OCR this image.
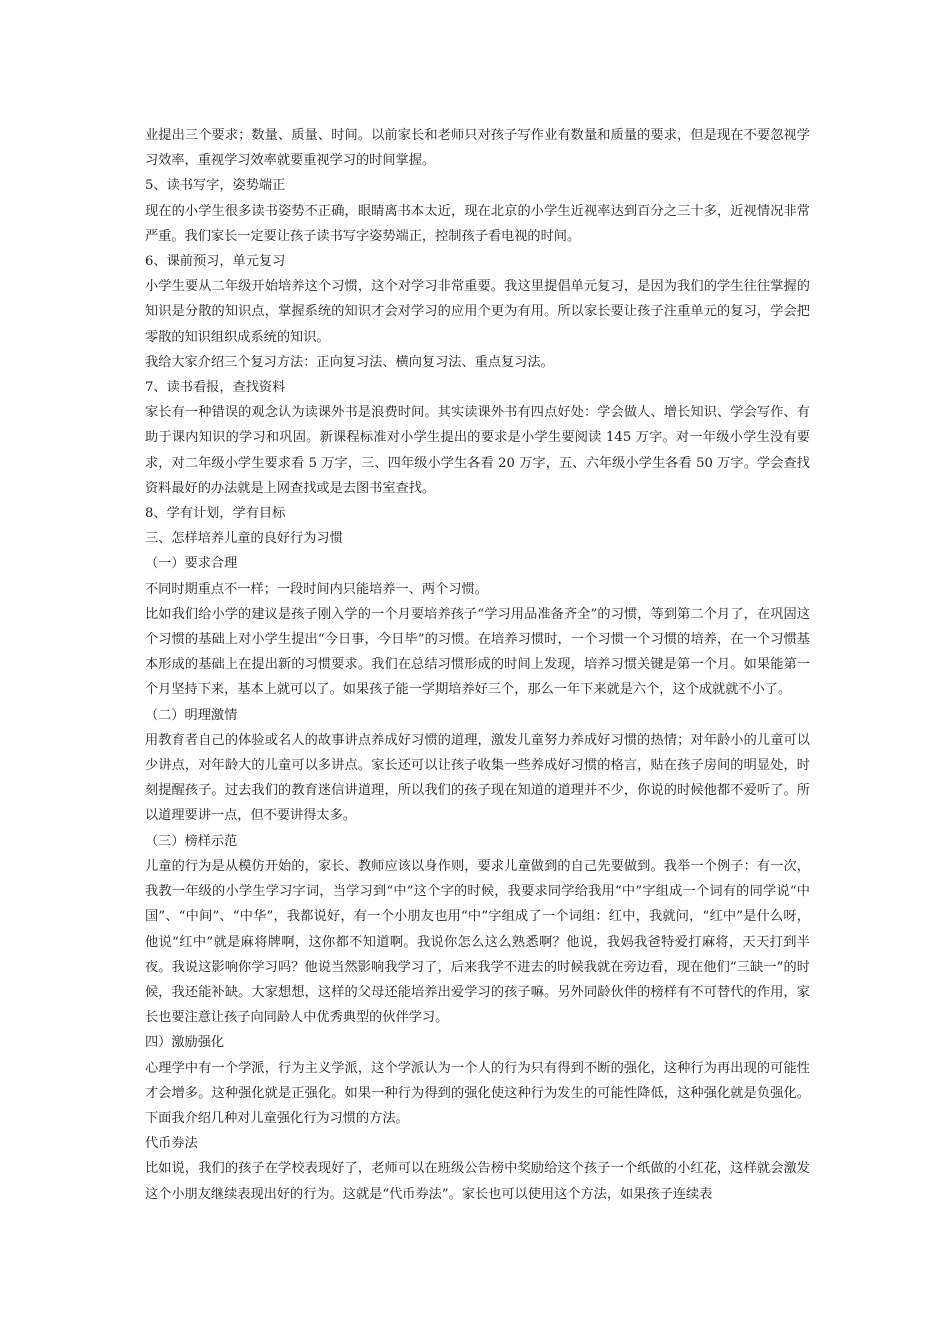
业提出三个要求；数量、质量、时间。以前家长和老师只对孩子写作业有数量和质量的要求，但是现在不要忽视学习效率，重视学习效率就要重视学习的时间掌握。

5、读书写字，姿势端正

现在的小学生很多读书姿势不正确，眼睛离书本太近，现在北京的小学生近视率达到百分之三十多，近视情况非常严重。我们家长一定要让孩子读书写字姿势端正，控制孩子看电视的时间。

6、课前预习，单元复习

小学生要从二年级开始培养这个习惯，这个对学习非常重要。我这里提倡单元复习，是因为我们的学生往往掌握的知识是分散的知识点，掌握系统的知识才会对学习的应用个更为有用。所以家长要让孩子注重单元的复习，学会把零散的知识组织成系统的知识。

我给大家介绍三个复习方法：正向复习法、横向复习法、重点复习法。

7、读书看报，查找资料

家长有一种错误的观念认为读课外书是浪费时间。其实读课外书有四点好处：学会做人、增长知识、学会写作、有助于课内知识的学习和巩固。新课程标准对小学生提出的要求是小学生要阅读 145 万字。对一年级小学生没有要求，对二年级小学生要求看 5 万字，三、四年级小学生各看 20 万字，五、六年级小学生各看 50 万字。学会查找资料最好的办法就是上网查找或是去图书室查找。

8、学有计划，学有目标

三、怎样培养儿童的良好行为习惯

（一）要求合理

不同时期重点不一样；一段时间内只能培养一、两个习惯。

比如我们给小学的建议是孩子刚入学的一个月要培养孩子“学习用品准备齐全”的习惯，等到第二个月了，在巩固这个习惯的基础上对小学生提出“今日事，今日毕”的习惯。在培养习惯时，一个习惯一个习惯的培养，在一个习惯基本形成的基础上在提出新的习惯要求。我们在总结习惯形成的时间上发现，培养习惯关键是第一个月。如果能第一个月坚持下来，基本上就可以了。如果孩子能一学期培养好三个，那么一年下来就是六个，这个成就就不小了。

（二）明理激情

用教育者自己的体验或名人的故事讲点养成好习惯的道理，激发儿童努力养成好习惯的热情；对年龄小的儿童可以少讲点，对年龄大的儿童可以多讲点。家长还可以让孩子收集一些养成好习惯的格言，贴在孩子房间的明显处，时刻提醒孩子。过去我们的教育迷信讲道理，所以我们的孩子现在知道的道理并不少，你说的时候他都不爱听了。所以道理要讲一点，但不要讲得太多。

（三）榜样示范

儿童的行为是从模仿开始的，家长、教师应该以身作则，要求儿童做到的自己先要做到。我举一个例子：有一次，我教一年级的小学生学习字词，当学习到“中”这个字的时候，我要求同学给我用“中”字组成一个词有的同学说“中国”、“中间”、“中华”，我都说好，有一个小朋友也用“中”字组成了一个词组：红中，我就问，“红中”是什么呀，他说“红中”就是麻将牌啊，这你都不知道啊。我说你怎么这么熟悉啊？他说，我妈我爸特爱打麻将，天天打到半夜。我说这影响你学习吗？他说当然影响我学习了，后来我学不进去的时候我就在旁边看，现在他们“三缺一”的时候，我还能补缺。大家想想，这样的父母还能培养出爱学习的孩子嘛。另外同龄伙伴的榜样有不可替代的作用，家长也要注意让孩子向同龄人中优秀典型的伙伴学习。

四）激励强化

心理学中有一个学派，行为主义学派，这个学派认为一个人的行为只有得到不断的强化，这种行为再出现的可能性才会增多。这种强化就是正强化。如果一种行为得到的强化使这种行为发生的可能性降低，这种强化就是负强化。下面我介绍几种对儿童强化行为习惯的方法。

代币券法

比如说，我们的孩子在学校表现好了，老师可以在班级公告榜中奖励给这个孩子一个纸做的小红花，这样就会激发这个小朋友继续表现出好的行为。这就是“代币券法”。家长也可以使用这个方法，如果孩子连续表
